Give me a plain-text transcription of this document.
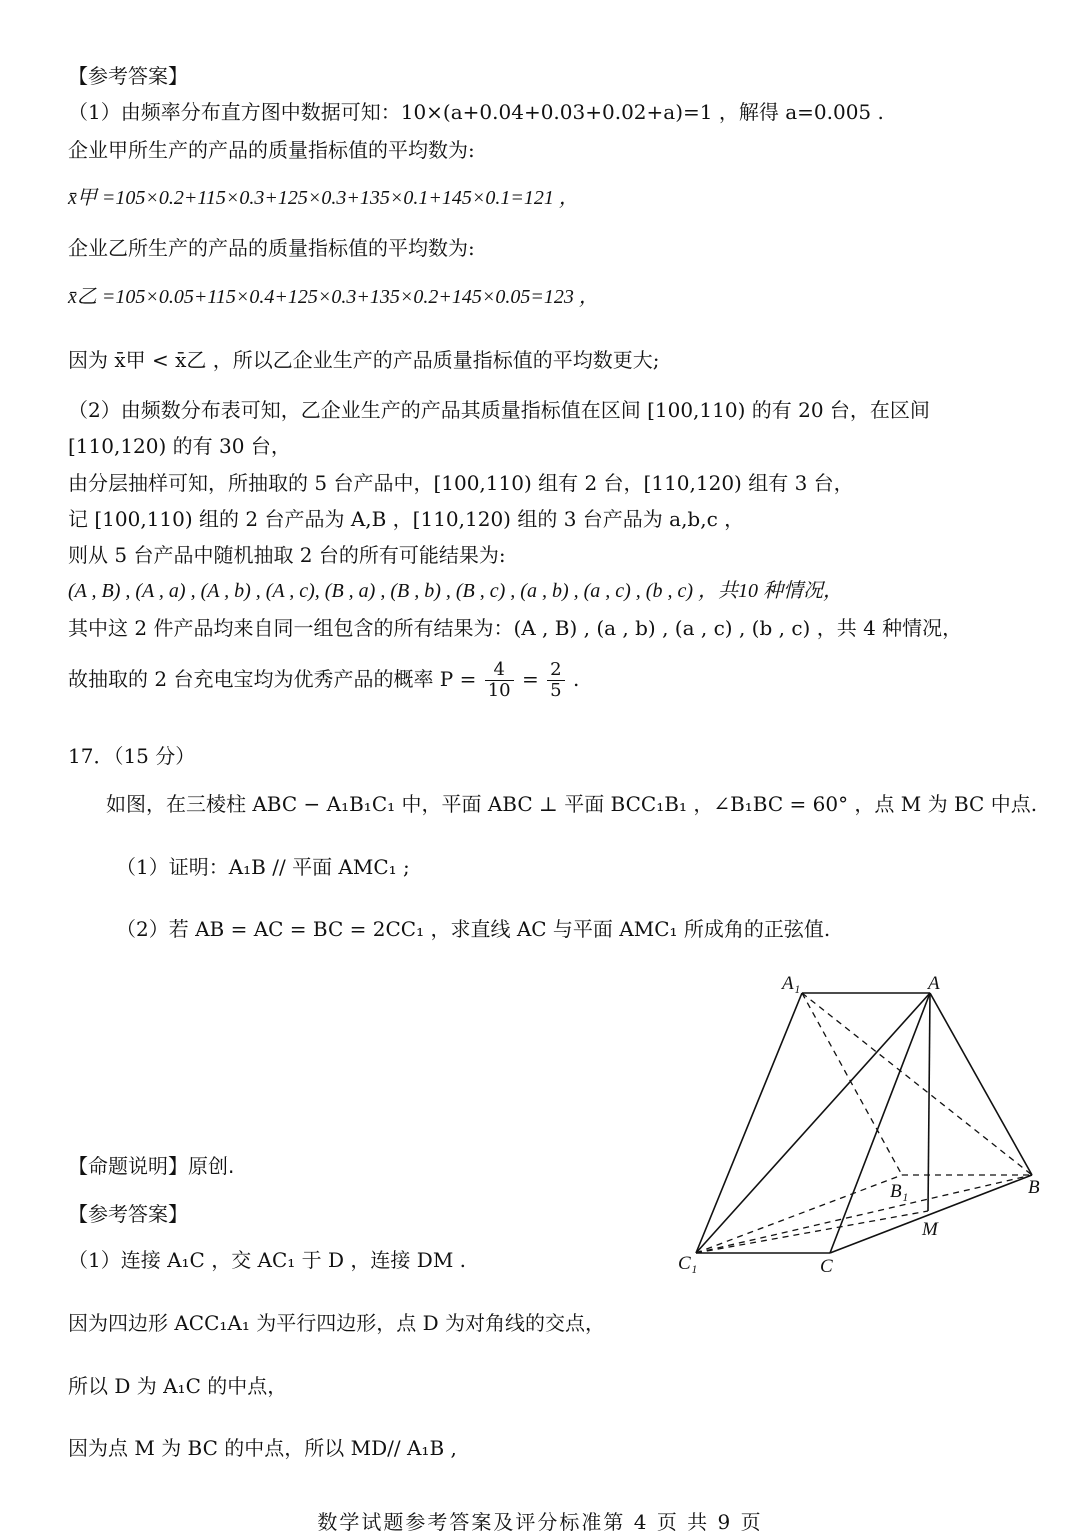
【参考答案】
（1）由频率分布直方图中数据可知：10×(a+0.04+0.03+0.02+a)=1 ，解得 a=0.005 .
企业甲所生产的产品的质量指标值的平均数为:
x̄甲 =105×0.2+115×0.3+125×0.3+135×0.1+145×0.1=121 ，
企业乙所生产的产品的质量指标值的平均数为:
x̄乙 =105×0.05+115×0.4+125×0.3+135×0.2+145×0.05=123 ，
因为 x̄甲 < x̄乙 ，所以乙企业生产的产品质量指标值的平均数更大;
（2）由频数分布表可知，乙企业生产的产品其质量指标值在区间 [100,110) 的有 20 台，在区间
[110,120) 的有 30 台，
由分层抽样可知，所抽取的 5 台产品中，[100,110) 组有 2 台，[110,120) 组有 3 台，
记 [100,110) 组的 2 台产品为 A,B ，[110,120) 组的 3 台产品为 a,b,c ，
则从 5 台产品中随机抽取 2 台的所有可能结果为:
(A , B) , (A , a) , (A , b) , (A , c), (B , a) , (B , b) , (B , c) , (a , b) , (a , c) , (b , c) ，共10 种情况，
其中这 2 件产品均来自同一组包含的所有结果为：(A , B) , (a , b) , (a , c) , (b , c) ，共 4 种情况，
故抽取的 2 台充电宝均为优秀产品的概率 $P = \frac{4}{10} = \frac{2}{5}$ .
17．（15 分）
如图，在三棱柱 ABC − A₁B₁C₁ 中，平面 ABC ⊥ 平面 BCC₁B₁ ，∠B₁BC = 60° ，点 M 为 BC 中点.
（1）证明：A₁B // 平面 AMC₁ ;
（2）若 AB = AC = BC = 2CC₁ ，求直线 AC 与平面 AMC₁ 所成角的正弦值.
A₁	A
B₁	B
M
C₁	C
【命题说明】原创.
【参考答案】
（1）连接 A₁C ，交 AC₁ 于 D ，连接 DM .
因为四边形 ACC₁A₁ 为平行四边形，点 D 为对角线的交点，
所以 D 为 A₁C 的中点，
因为点 M 为 BC 的中点，所以 MD// A₁B ,
数学试题参考答案及评分标准第 4 页 共 9 页
